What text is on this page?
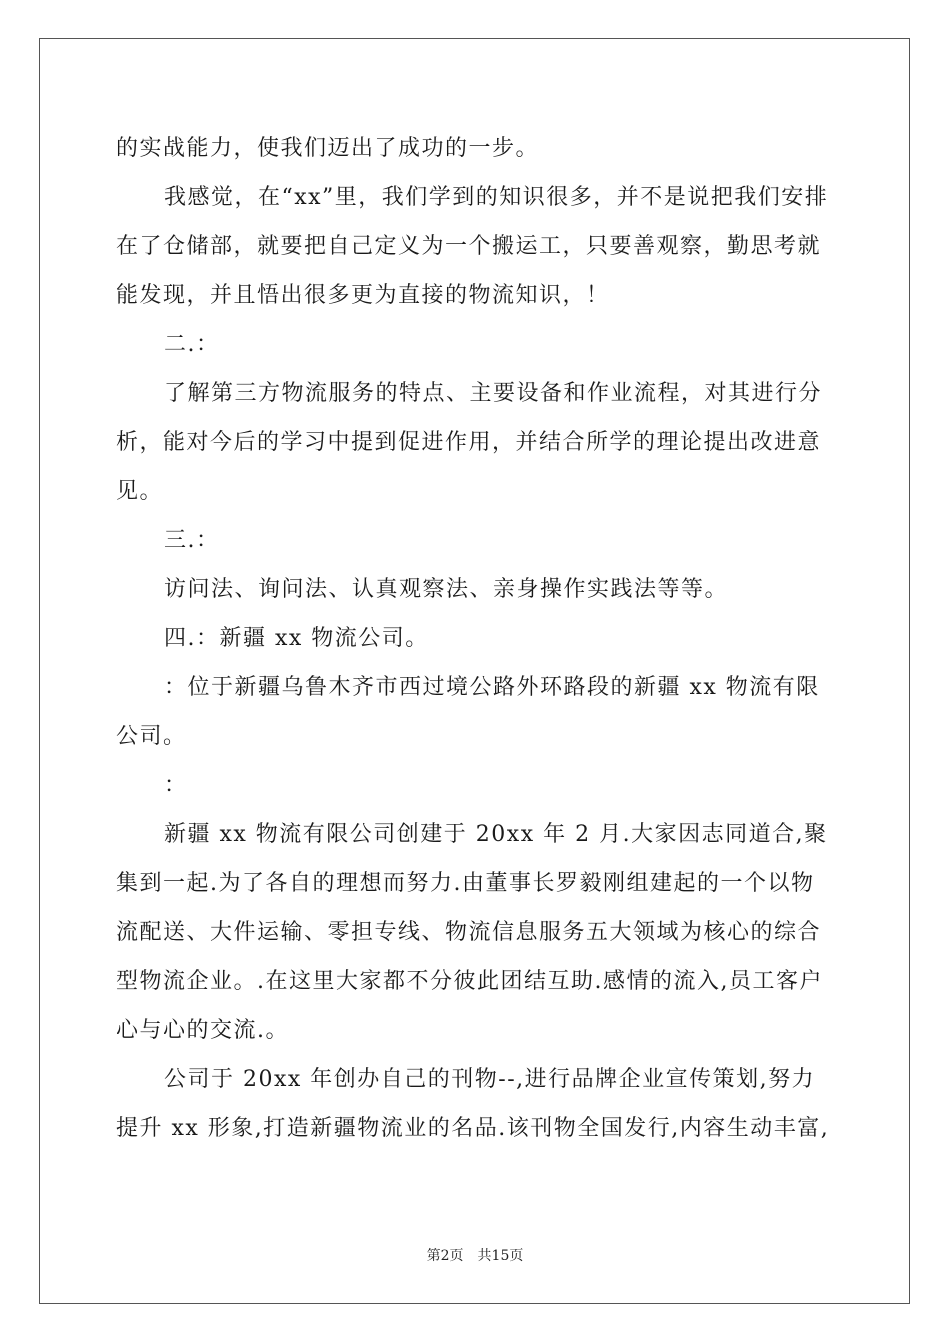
的实战能力，使我们迈出了成功的一步。

我感觉，在“xx”里，我们学到的知识很多，并不是说把我们安排在了仓储部，就要把自己定义为一个搬运工，只要善观察，勤思考就能发现，并且悟出很多更为直接的物流知识，！

二.：

了解第三方物流服务的特点、主要设备和作业流程，对其进行分析，能对今后的学习中提到促进作用，并结合所学的理论提出改进意见。

三.：

访问法、询问法、认真观察法、亲身操作实践法等等。

四.：新疆 xx 物流公司。

：位于新疆乌鲁木齐市西过境公路外环路段的新疆 xx 物流有限公司。

：

新疆 xx 物流有限公司创建于 20xx 年 2 月.大家因志同道合,聚集到一起.为了各自的理想而努力.由董事长罗毅刚组建起的一个以物流配送、大件运输、零担专线、物流信息服务五大领域为核心的综合型物流企业。.在这里大家都不分彼此团结互助.感情的流入,员工客户心与心的交流.。

公司于 20xx 年创办自己的刊物--,进行品牌企业宣传策划,努力提升 xx 形象,打造新疆物流业的名品.该刊物全国发行,内容生动丰富,

第2页 共15页
